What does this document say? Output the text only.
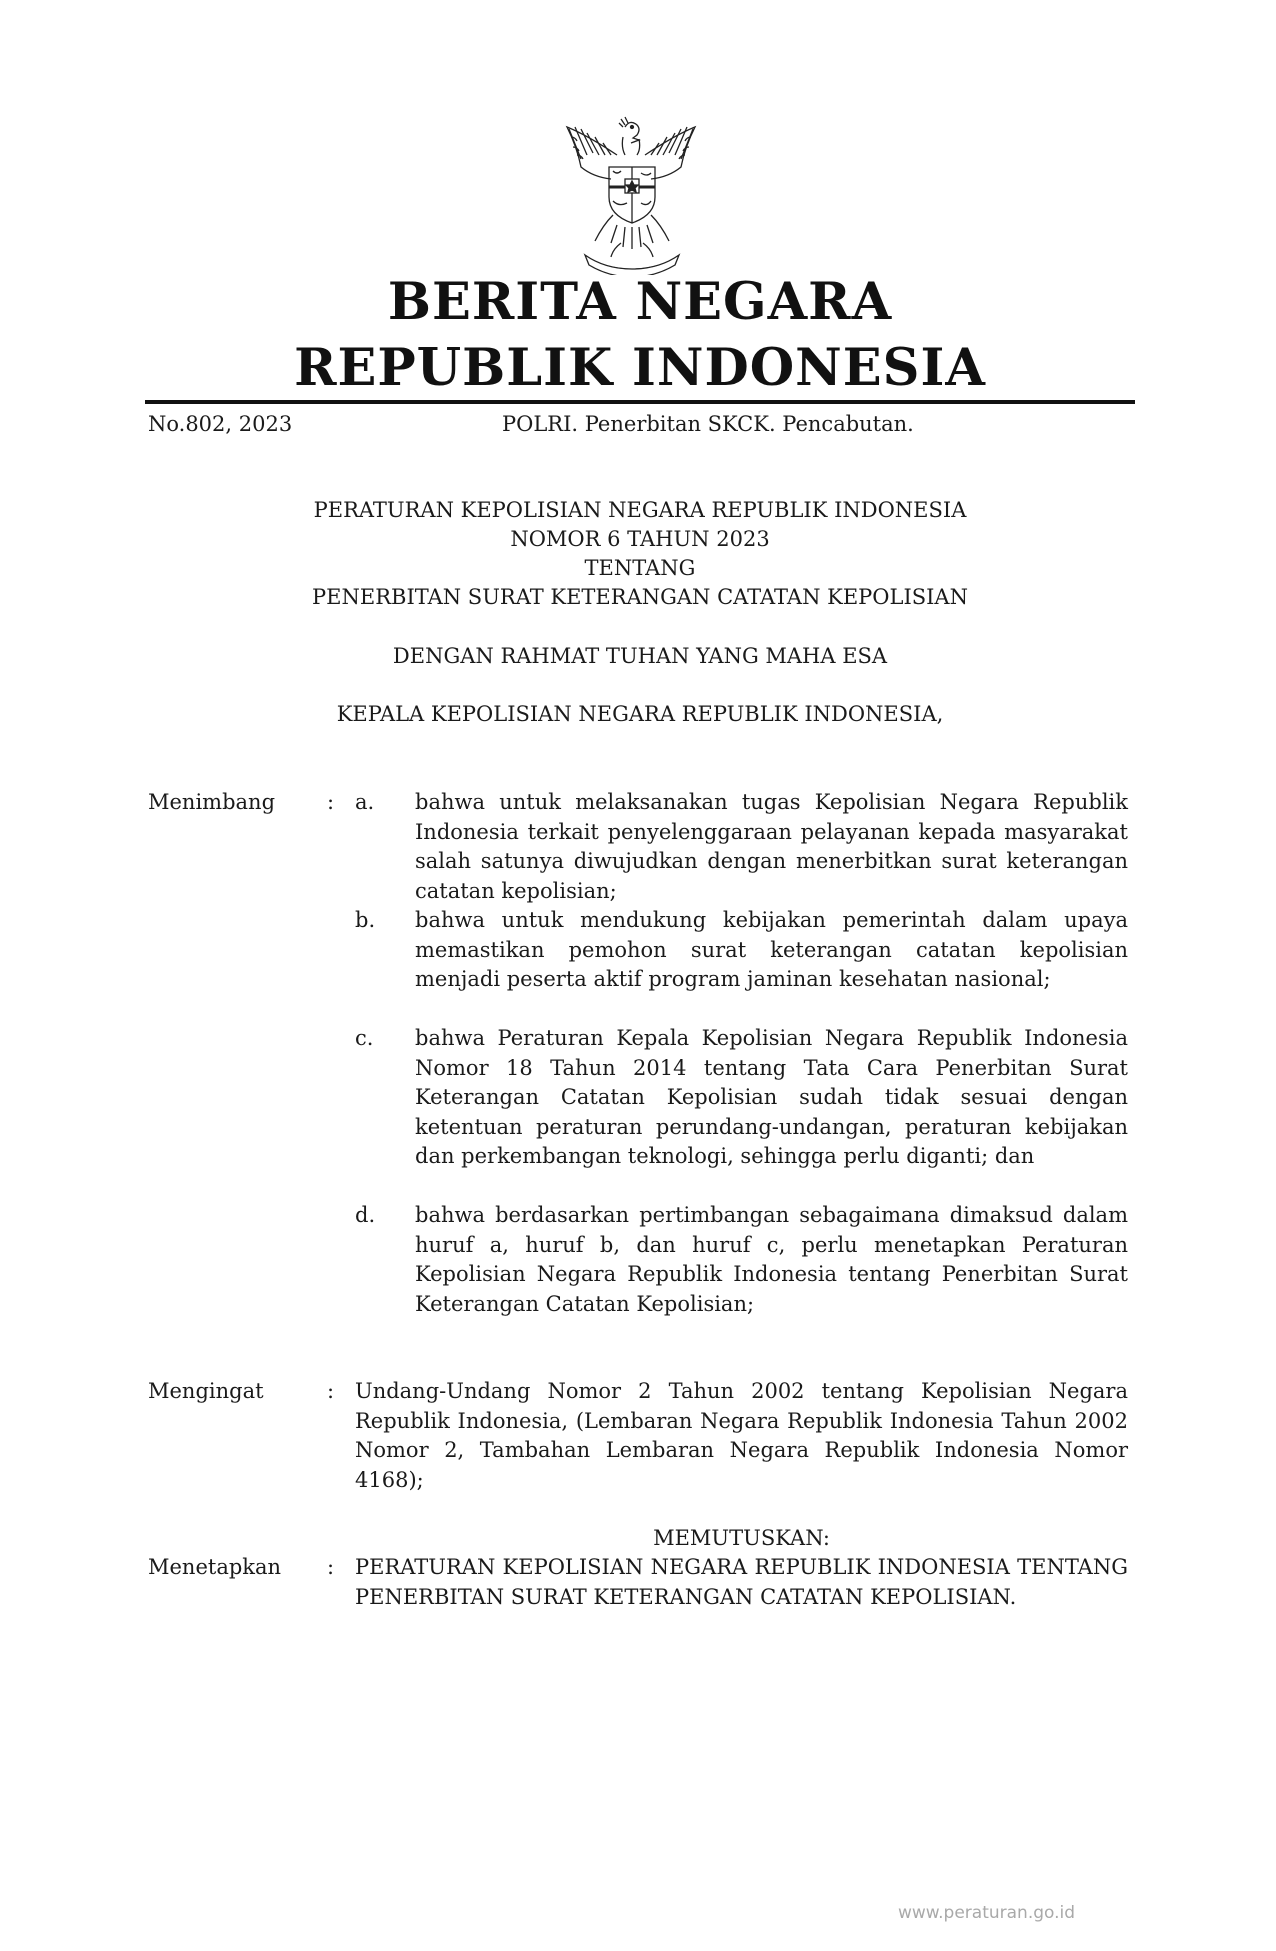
BERITA NEGARA
REPUBLIK INDONESIA
No.802, 2023	POLRI. Penerbitan SKCK. Pencabutan.
PERATURAN KEPOLISIAN NEGARA REPUBLIK INDONESIA
NOMOR 6 TAHUN 2023
TENTANG
PENERBITAN SURAT KETERANGAN CATATAN KEPOLISIAN
DENGAN RAHMAT TUHAN YANG MAHA ESA
KEPALA KEPOLISIAN NEGARA REPUBLIK INDONESIA,
Menimbang : a. bahwa untuk melaksanakan tugas Kepolisian Negara Republik Indonesia terkait penyelenggaraan pelayanan kepada masyarakat salah satunya diwujudkan dengan menerbitkan surat keterangan catatan kepolisian;
b. bahwa untuk mendukung kebijakan pemerintah dalam upaya memastikan pemohon surat keterangan catatan kepolisian menjadi peserta aktif program jaminan kesehatan nasional;
c. bahwa Peraturan Kepala Kepolisian Negara Republik Indonesia Nomor 18 Tahun 2014 tentang Tata Cara Penerbitan Surat Keterangan Catatan Kepolisian sudah tidak sesuai dengan ketentuan peraturan perundang-undangan, peraturan kebijakan dan perkembangan teknologi, sehingga perlu diganti; dan
d. bahwa berdasarkan pertimbangan sebagaimana dimaksud dalam huruf a, huruf b, dan huruf c, perlu menetapkan Peraturan Kepolisian Negara Republik Indonesia tentang Penerbitan Surat Keterangan Catatan Kepolisian;
Mengingat	: Undang-Undang Nomor 2 Tahun 2002 tentang Kepolisian Negara Republik Indonesia, (Lembaran Negara Republik Indonesia Tahun 2002 Nomor 2, Tambahan Lembaran Negara Republik Indonesia Nomor 4168);
MEMUTUSKAN:
Menetapkan : PERATURAN KEPOLISIAN NEGARA REPUBLIK INDONESIA TENTANG PENERBITAN SURAT KETERANGAN CATATAN KEPOLISIAN.
www.peraturan.go.id
